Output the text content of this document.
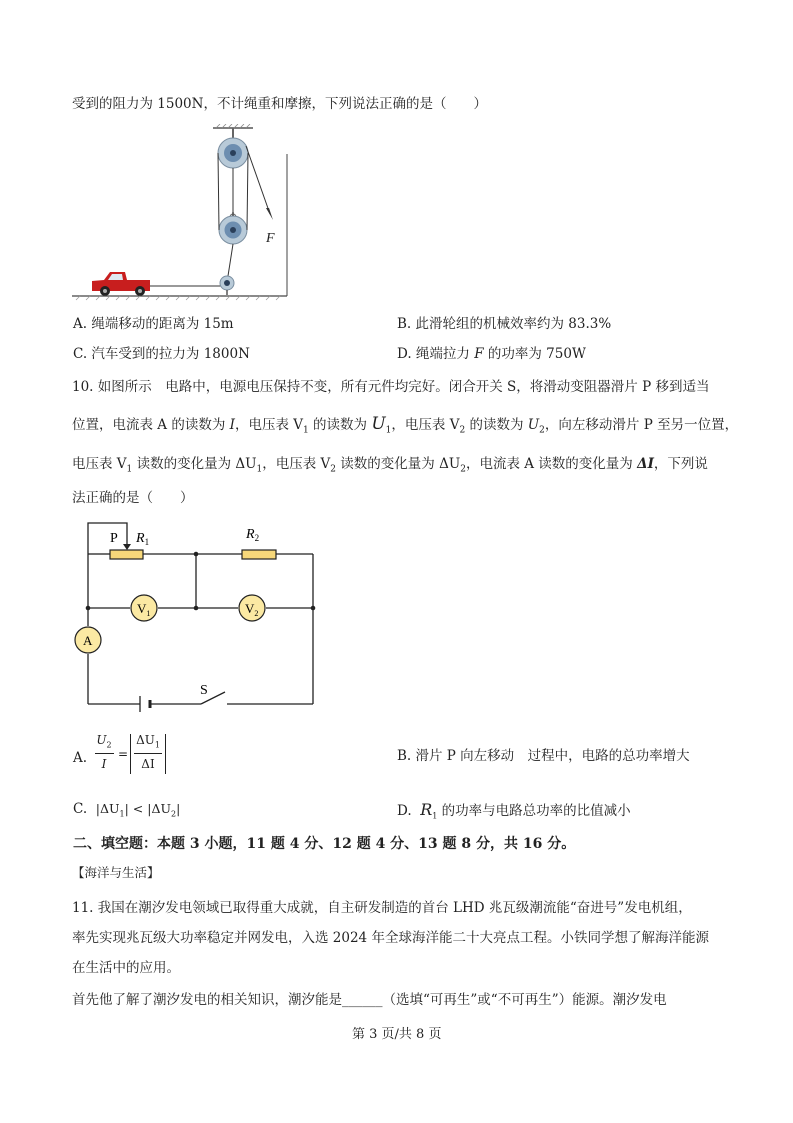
受到的阻力为 1500N，不计绳重和摩擦，下列说法正确的是（　　）
F
A. 绳端移动的距离为 15m	B. 此滑轮组的机械效率约为 83.3%
C. 汽车受到的拉力为 1800N	D. 绳端拉力 F 的功率为 750W
10. 如图所示　电路中，电源电压保持不变，所有元件均完好。闭合开关 S，将滑动变阻器滑片 P 移到适当
位置，电流表 A 的读数为 I，电压表 $V_1$ 的读数为 $U_1$，电压表 $V_2$ 的读数为 $U_2$，向左移动滑片 P 至另一位置，
电压表 $V_1$ 读数的变化量为 $\Delta U_1$，电压表 $V_2$ 读数的变化量为 $\Delta U_2$，电流表 A 读数的变化量为 ΔI，下列说
法正确的是（　　）
P $R_1$	$R_2$
$V_1$	$V_2$
A
S
A.
$U_2$
I
=
$\Delta U_1$
ΔI	B. 滑片 P 向左移动　过程中，电路的总功率增大
C. $|\Delta U_1| < |\Delta U_2|$	D. $R_1$ 的功率与电路总功率的比值减小
二、填空题：本题 3 小题，11 题 4 分、12 题 4 分、13 题 8 分，共 16 分。
【海洋与生活】
11. 我国在潮汐发电领域已取得重大成就，自主研发制造的首台 LHD 兆瓦级潮流能“奋进号”发电机组，
率先实现兆瓦级大功率稳定并网发电，入选 2024 年全球海洋能二十大亮点工程。小铁同学想了解海洋能源
在生活中的应用。
首先他了解了潮汐发电的相关知识，潮汐能是______（选填“可再生”或“不可再生”）能源。潮汐发电
第 3 页/共 8 页
